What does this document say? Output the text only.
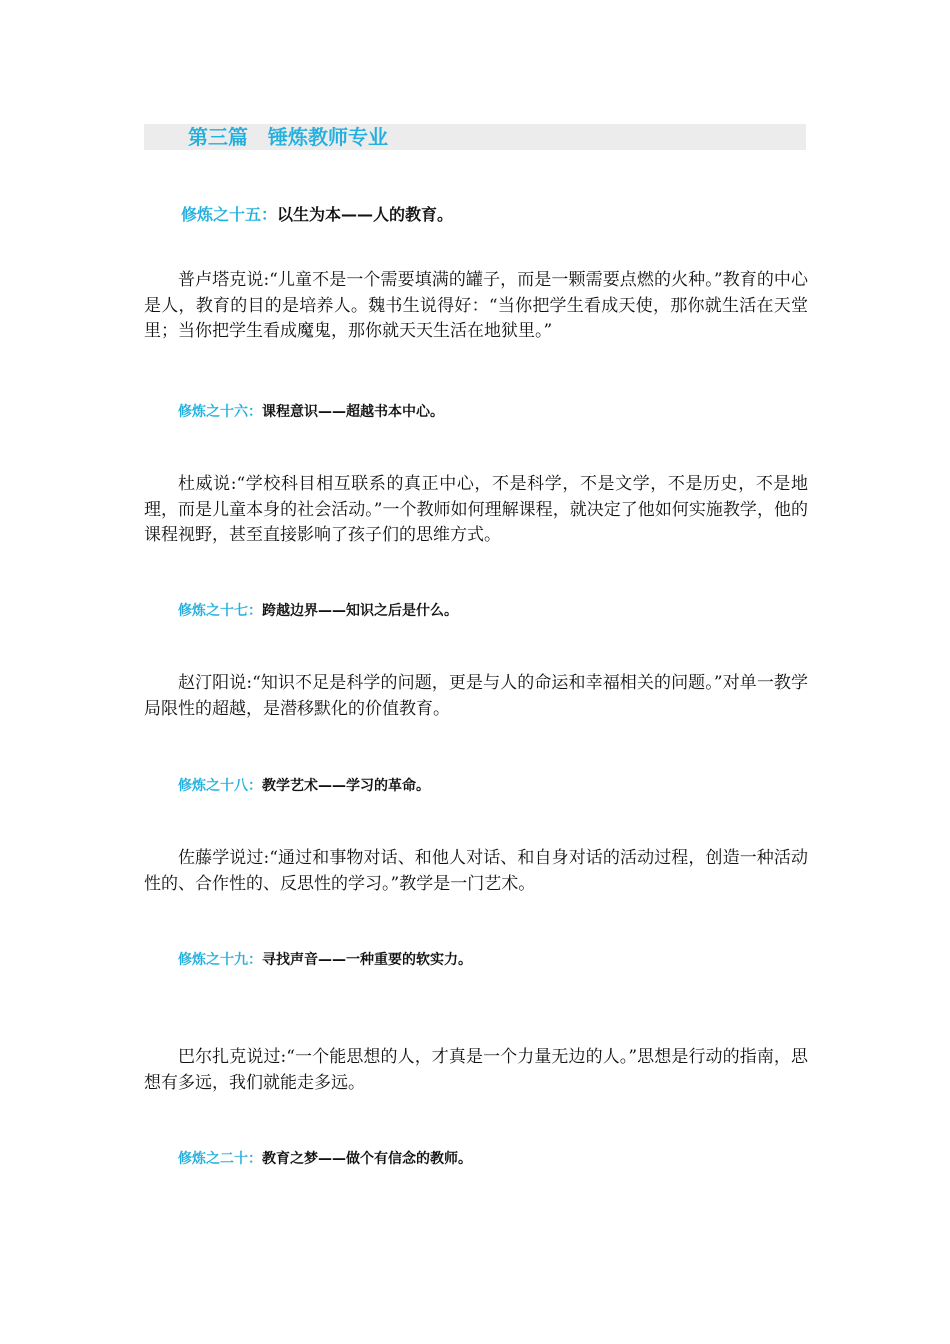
第三篇　锤炼教师专业
修炼之十五：以生为本——人的教育。

普卢塔克说:“儿童不是一个需要填满的罐子，而是一颗需要点燃的火种。”教育的中心是人，教育的目的是培养人。魏书生说得好：“当你把学生看成天使，那你就生活在天堂里；当你把学生看成魔鬼，那你就天天生活在地狱里。”

修炼之十六：课程意识——超越书本中心。

杜威说:“学校科目相互联系的真正中心，不是科学，不是文学，不是历史，不是地理，而是儿童本身的社会活动。”一个教师如何理解课程，就决定了他如何实施教学，他的课程视野，甚至直接影响了孩子们的思维方式。

修炼之十七：跨越边界——知识之后是什么。

赵汀阳说:“知识不足是科学的问题，更是与人的命运和幸福相关的问题。”对单一教学局限性的超越，是潜移默化的价值教育。

修炼之十八：教学艺术——学习的革命。

佐藤学说过:“通过和事物对话、和他人对话、和自身对话的活动过程，创造一种活动性的、合作性的、反思性的学习。”教学是一门艺术。

修炼之十九：寻找声音——一种重要的软实力。

巴尔扎克说过:“一个能思想的人，才真是一个力量无边的人。”思想是行动的指南，思想有多远，我们就能走多远。

修炼之二十：教育之梦——做个有信念的教师。
